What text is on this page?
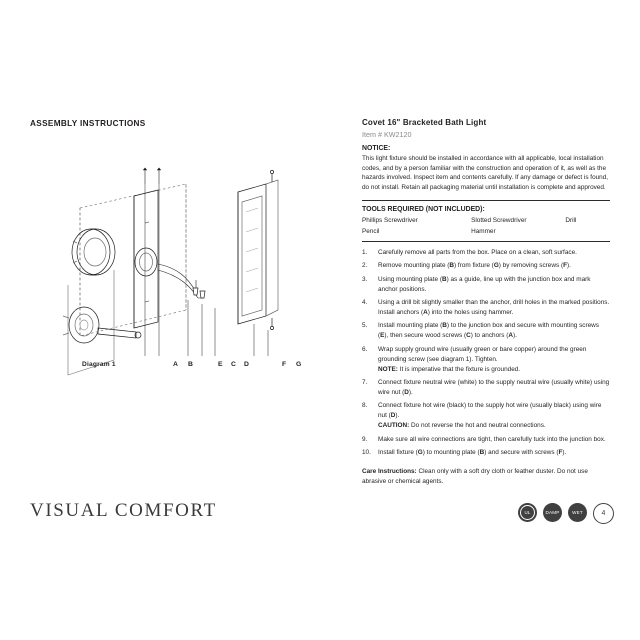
ASSEMBLY INSTRUCTIONS
Diagram 1	A B	E C D	F G
VISUAL COMFORT
Covet 16" Bracketed Bath Light
Item # KW2120
NOTICE:
This light fixture should be installed in accordance with all applicable, local installation codes, and by a person familiar with the construction and operation of it, as well as the hazards involved. Inspect item and contents carefully. If any damage or defect is found, do not install. Retain all packaging material until installation is complete and approved.
TOOLS REQUIRED (NOT INCLUDED):
Phillips Screwdriver	Slotted Screwdriver	Drill
Pencil	Hammer
1.	Carefully remove all parts from the box. Place on a clean, soft surface.
2.	Remove mounting plate (B) from fixture (G) by removing screws (F).
3.	Using mounting plate (B) as a guide, line up with the junction box and mark anchor positions.
4.	Using a drill bit slightly smaller than the anchor, drill holes in the marked positions. Install anchors (A) into the holes using hammer.
5.	Install mounting plate (B) to the junction box and secure with mounting screws (E), then secure wood screws (C) to anchors (A).
6.	Wrap supply ground wire (usually green or bare copper) around the green grounding screw (see diagram 1). Tighten.
NOTE: It is imperative that the fixture is grounded.
7.	Connect fixture neutral wire (white) to the supply neutral wire (usually white) using wire nut (D).
8.	Connect fixture hot wire (black) to the supply hot wire (usually black) using wire nut (D).
CAUTION: Do not reverse the hot and neutral connections.
9.	Make sure all wire connections are tight, then carefully tuck into the junction box.
10.	Install fixture (G) to mounting plate (B) and secure with screws (F).
Care Instructions: Clean only with a soft dry cloth or feather duster. Do not use abrasive or chemical agents.
UL	DAMP	WET	4
